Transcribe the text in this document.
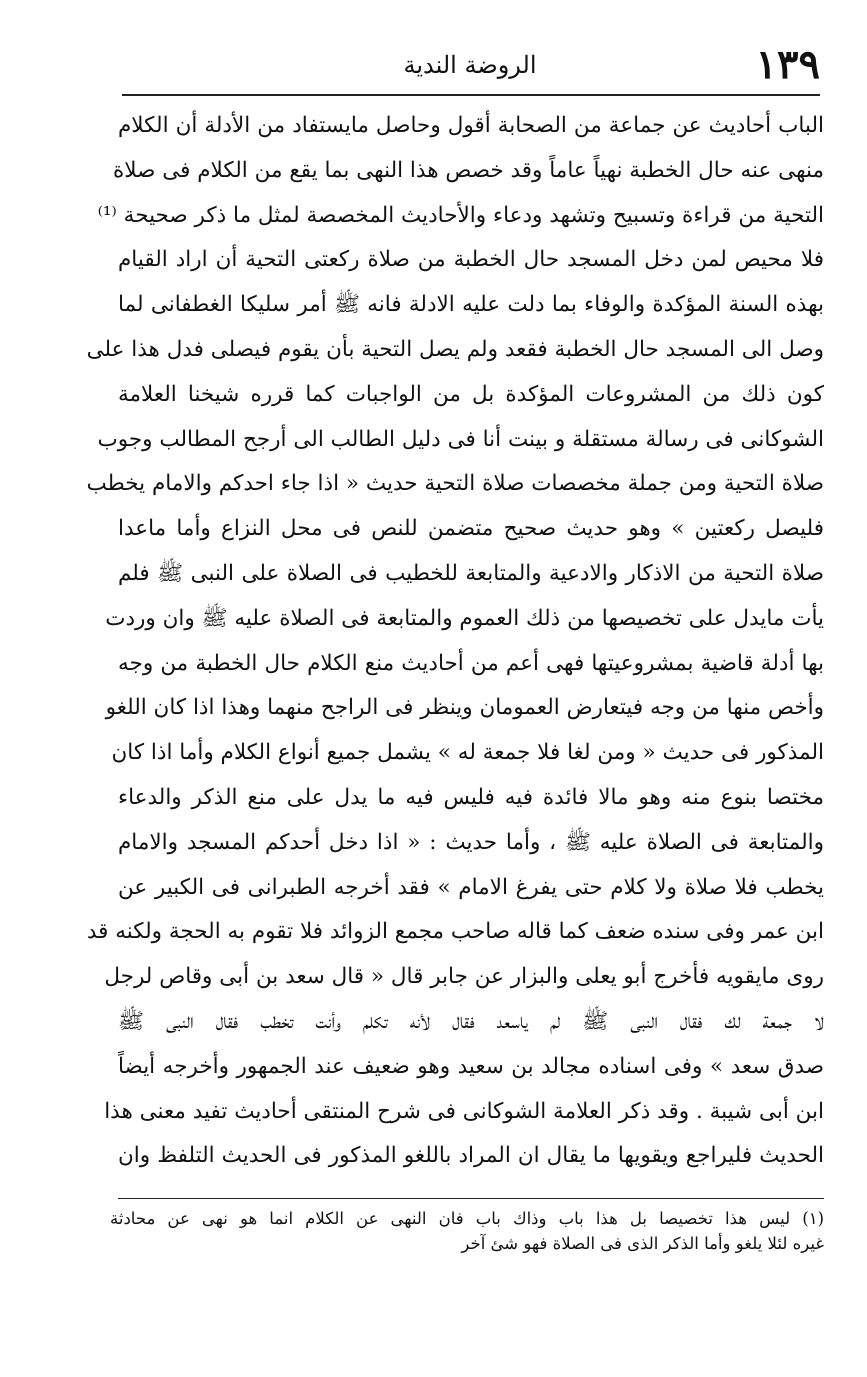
١٣٩
الروضة الندية
الباب أحاديث عن جماعة من الصحابة أقول وحاصل مايستفاد من الأدلة أن الكلام
منهى عنه حال الخطبة نهياً عاماً وقد خصص هذا النهى بما يقع من الكلام فى صلاة
التحية من قراءة وتسبيح وتشهد ودعاء والأحاديث المخصصة لمثل ما ذكر صحيحة ⁽¹⁾
فلا محيص لمن دخل المسجد حال الخطبة من صلاة ركعتى التحية أن اراد القيام
بهذه السنة المؤكدة والوفاء بما دلت عليه الادلة فانه ﷺ أمر سليكا الغطفانى لما
وصل الى المسجد حال الخطبة فقعد ولم يصل التحية بأن يقوم فيصلى فدل هذا على
كون ذلك من المشروعات المؤكدة بل من الواجبات كما قرره شيخنا العلامة
الشوكانى فى رسالة مستقلة و بينت أنا فى دليل الطالب الى أرجح المطالب وجوب
صلاة التحية ومن جملة مخصصات صلاة التحية حديث « اذا جاء احدكم والامام يخطب
فليصل ركعتين » وهو حديث صحيح متضمن للنص فى محل النزاع وأما ماعدا
صلاة التحية من الاذكار والادعية والمتابعة للخطيب فى الصلاة على النبى ﷺ فلم
يأت مايدل على تخصيصها من ذلك العموم والمتابعة فى الصلاة عليه ﷺ وان وردت
بها أدلة قاضية بمشروعيتها فهى أعم من أحاديث منع الكلام حال الخطبة من وجه
وأخص منها من وجه فيتعارض العمومان وينظر فى الراجح منهما وهذا اذا كان اللغو
المذكور فى حديث « ومن لغا فلا جمعة له » يشمل جميع أنواع الكلام وأما اذا كان
مختصا بنوع منه وهو مالا فائدة فيه فليس فيه ما يدل على منع الذكر والدعاء
والمتابعة فى الصلاة عليه ﷺ ، وأما حديث : « اذا دخل أحدكم المسجد والامام
يخطب فلا صلاة ولا كلام حتى يفرغ الامام » فقد أخرجه الطبرانى فى الكبير عن
ابن عمر وفى سنده ضعف كما قاله صاحب مجمع الزوائد فلا تقوم به الحجة ولكنه قد
روى مايقويه فأخرج أبو يعلى والبزار عن جابر قال « قال سعد بن أبى وقاص لرجل
لا جمعة لك فقال النبى ﷺ لم ياسعد فقال لأنه تكلم وأنت تخطب فقال النبى ﷺ
صدق سعد » وفى اسناده مجالد بن سعيد وهو ضعيف عند الجمهور وأخرجه أيضاً
ابن أبى شيبة . وقد ذكر العلامة الشوكانى فى شرح المنتقى أحاديث تفيد معنى هذا
الحديث فليراجع ويقويها ما يقال ان المراد باللغو المذكور فى الحديث التلفظ وان
(١) ليس هذا تخصيصا بل هذا باب وذاك باب فان النهى عن الكلام انما هو نهى عن محادثة
غيره لئلا يلغو وأما الذكر الذى فى الصلاة فهو شئ آخر
